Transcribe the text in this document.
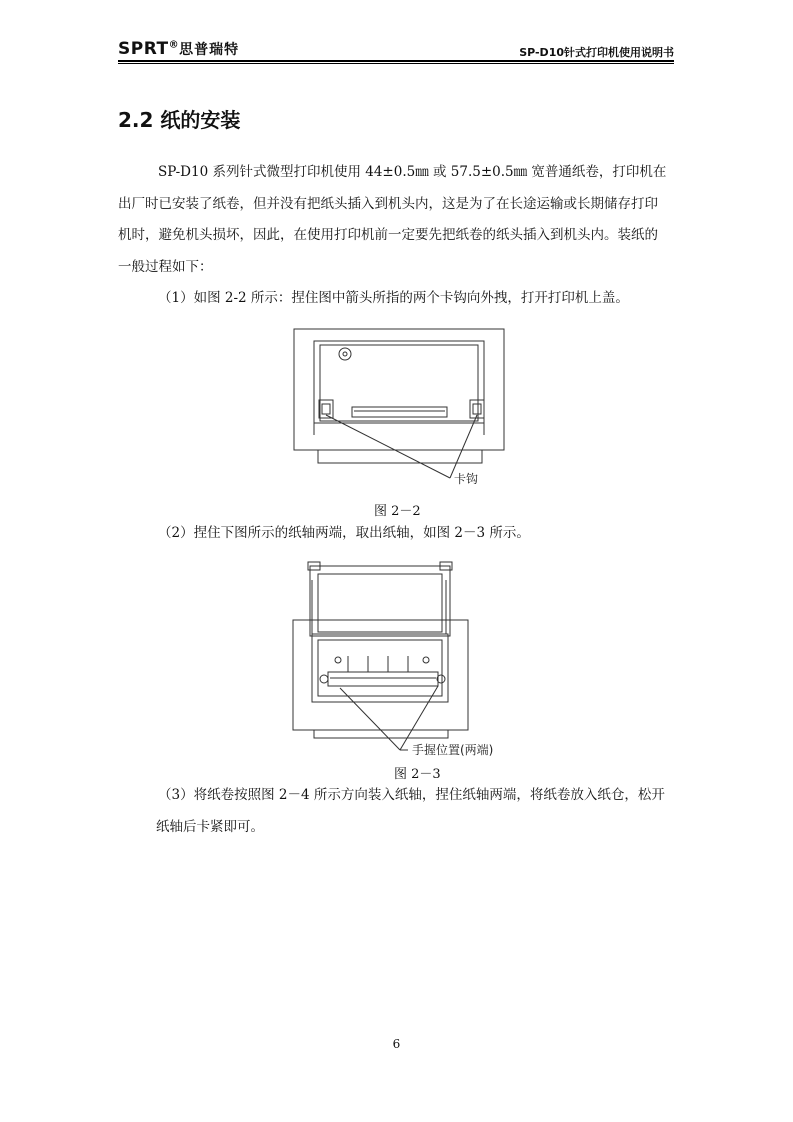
SPRT®思普瑞特	SP-D10针式打印机使用说明书
2.2 纸的安装

SP-D10 系列针式微型打印机使用 44±0.5㎜ 或 57.5±0.5㎜ 宽普通纸卷，打印机在

出厂时已安装了纸卷，但并没有把纸头插入到机头内，这是为了在长途运输或长期储存打印

机时，避免机头损坏，因此，在使用打印机前一定要先把纸卷的纸头插入到机头内。装纸的

一般过程如下：

（1）如图 2-2 所示：捏住图中箭头所指的两个卡钩向外拽，打开打印机上盖。

卡钩
图 2－2

（2）捏住下图所示的纸轴两端，取出纸轴，如图 2－3 所示。

手握位置(两端)
图 2－3

（3）将纸卷按照图 2－4 所示方向装入纸轴，捏住纸轴两端，将纸卷放入纸仓，松开

纸轴后卡紧即可。

6
